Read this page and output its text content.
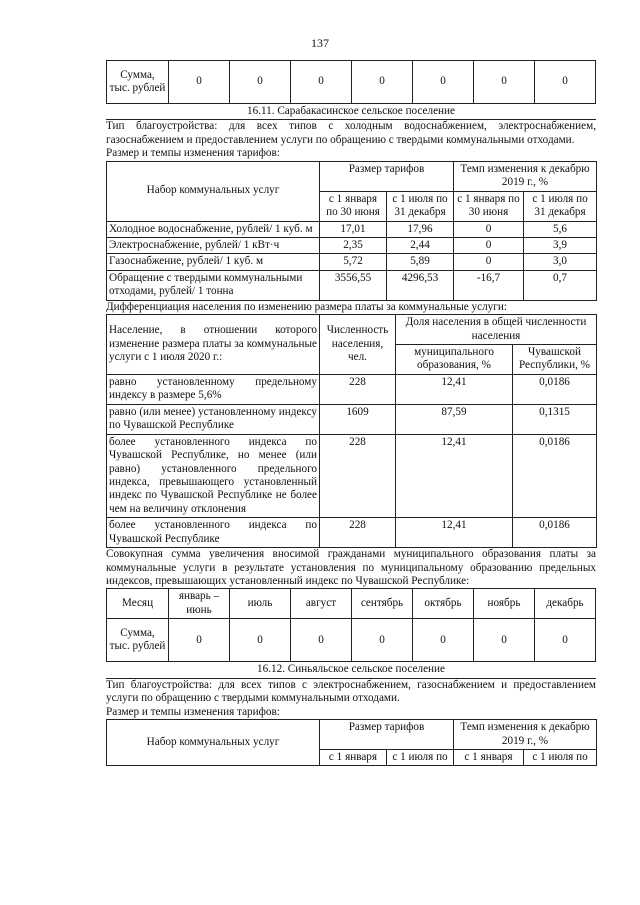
137
Сумма, тыс. рублей	0	0	0	0	0	0	0
16.11. Сарабакасинское сельское поселение

Тип благоустройства: для всех типов с холодным водоснабжением, электроснабжением, газоснабжением и предоставлением услуги по обращению с твердыми коммунальными отходами.

Размер и темпы изменения тарифов:

Набор коммунальных услуг	Размер тарифов		Темп изменения к декабрю 2019 г., %	
	с 1 января по 30 июня	с 1 июля по 31 декабря	с 1 января по 30 июня	с 1 июля по 31 декабря
Холодное водоснабжение, рублей/ 1 куб. м	17,01	17,96	0	5,6
Электроснабжение, рублей/ 1 кВт·ч	2,35	2,44	0	3,9
Газоснабжение, рублей/ 1 куб. м	5,72	5,89	0	3,0
Обращение с твердыми коммунальными отходами, рублей/ 1 тонна	3556,55	4296,53	-16,7	0,7

Дифференциация населения по изменению размера платы за коммунальные услуги:

Население, в отношении которого изменение размера платы за коммунальные услуги с 1 июля 2020 г.:	Численность населения, чел.	Доля населения в общей численности населения	
		муниципального образования, %	Чувашской Республики, %
равно установленному предельному индексу в размере 5,6%	228	12,41	0,0186
равно (или менее) установленному индексу по Чувашской Республике	1609	87,59	0,1315
более установленного индекса по Чувашской Республике, но менее (или равно) установленного предельного индекса, превышающего установленный индекс по Чувашской Республике не более чем на величину отклонения	228	12,41	0,0186
более установленного индекса по Чувашской Республике	228	12,41	0,0186

Совокупная сумма увеличения вносимой гражданами муниципального образования платы за коммунальные услуги в результате установления по муниципальному образованию предельных индексов, превышающих установленный индекс по Чувашской Республике:

Месяц	январь – июнь	июль	август	сентябрь	октябрь	ноябрь	декабрь
Сумма, тыс. рублей	0	0	0	0	0	0	0
16.12. Синьяльское сельское поселение

Тип благоустройства: для всех типов с электроснабжением, газоснабжением и предоставлением услуги по обращению с твердыми коммунальными отходами.

Размер и темпы изменения тарифов:

Набор коммунальных услуг	Размер тарифов		Темп изменения к декабрю 2019 г., %	
	с 1 января	с 1 июля по	с 1 января	с 1 июля по
